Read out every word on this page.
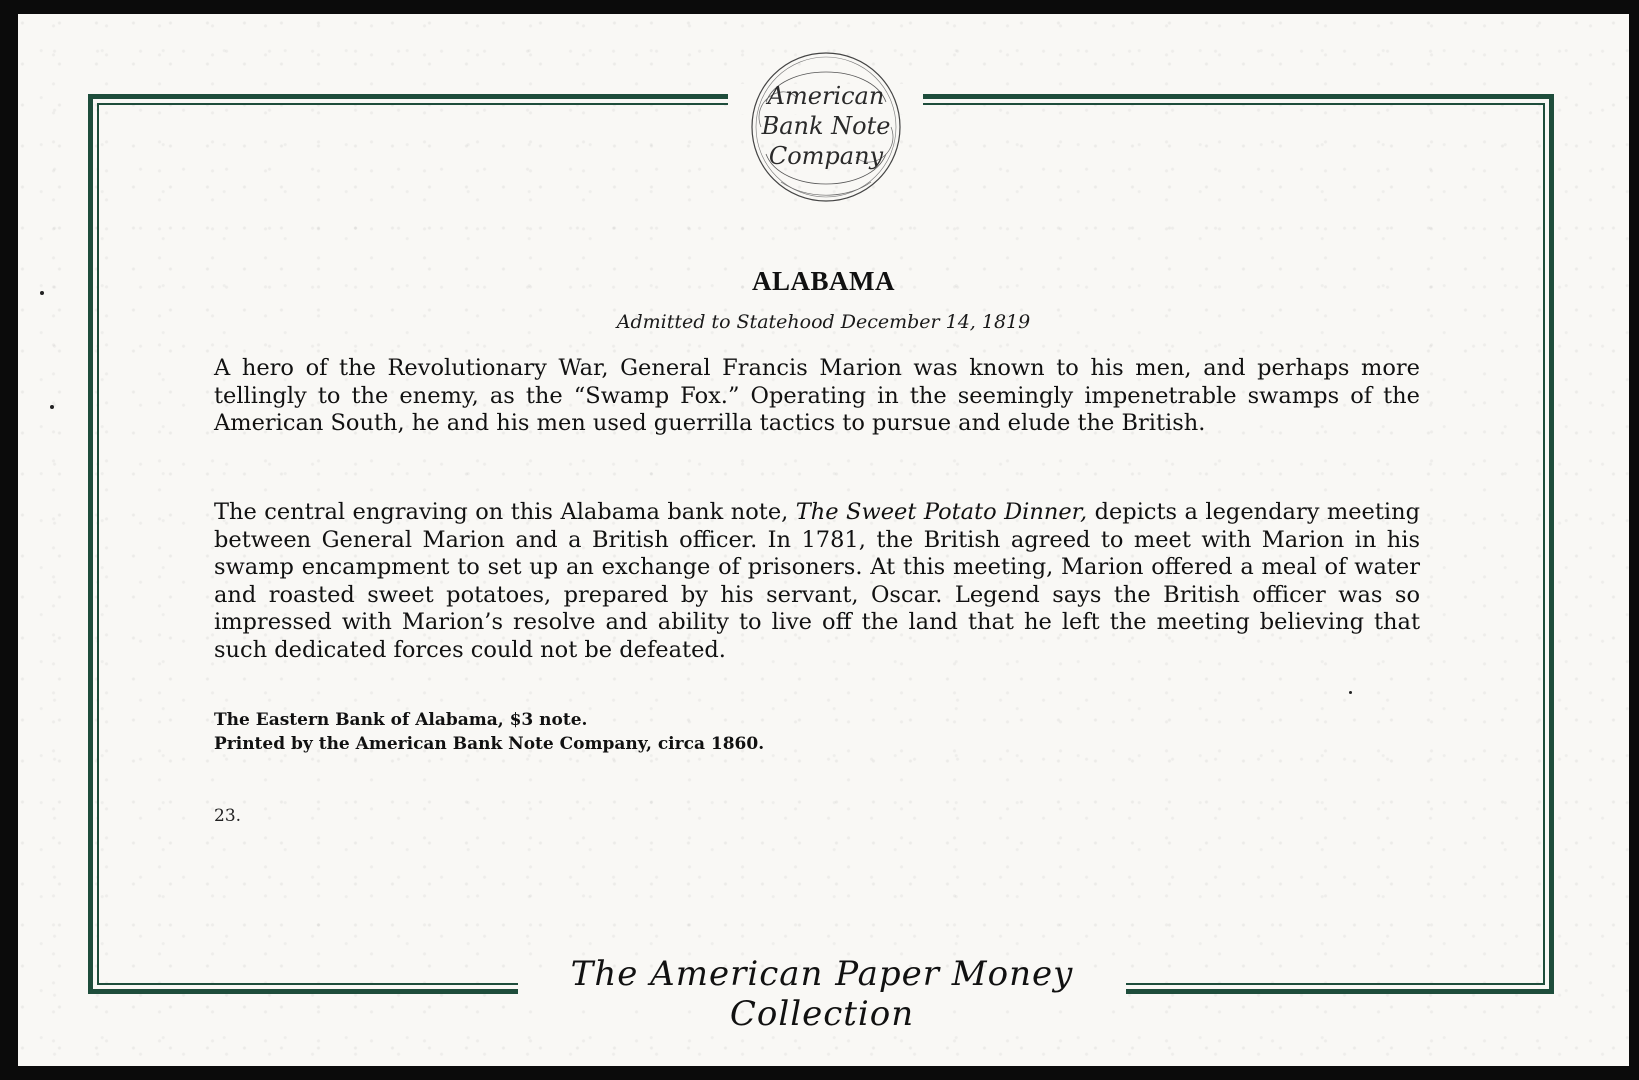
American
Bank Note
Company
ALABAMA
Admitted to Statehood December 14, 1819

A hero of the Revolutionary War, General Francis Marion was known to his men, and perhaps more tellingly to the enemy, as the “Swamp Fox.” Operating in the seemingly impenetrable swamps of the American South, he and his men used guerrilla tactics to pursue and elude the British.

The central engraving on this Alabama bank note, The Sweet Potato Dinner, depicts a legendary meeting between General Marion and a British officer. In 1781, the British agreed to meet with Marion in his swamp encampment to set up an exchange of prisoners. At this meeting, Marion offered a meal of water and roasted sweet potatoes, prepared by his servant, Oscar. Legend says the British officer was so impressed with Marion’s resolve and ability to live off the land that he left the meeting believing that such dedicated forces could not be defeated.

The Eastern Bank of Alabama, $3 note.
Printed by the American Bank Note Company, circa 1860.
23.
The American Paper Money Collection
